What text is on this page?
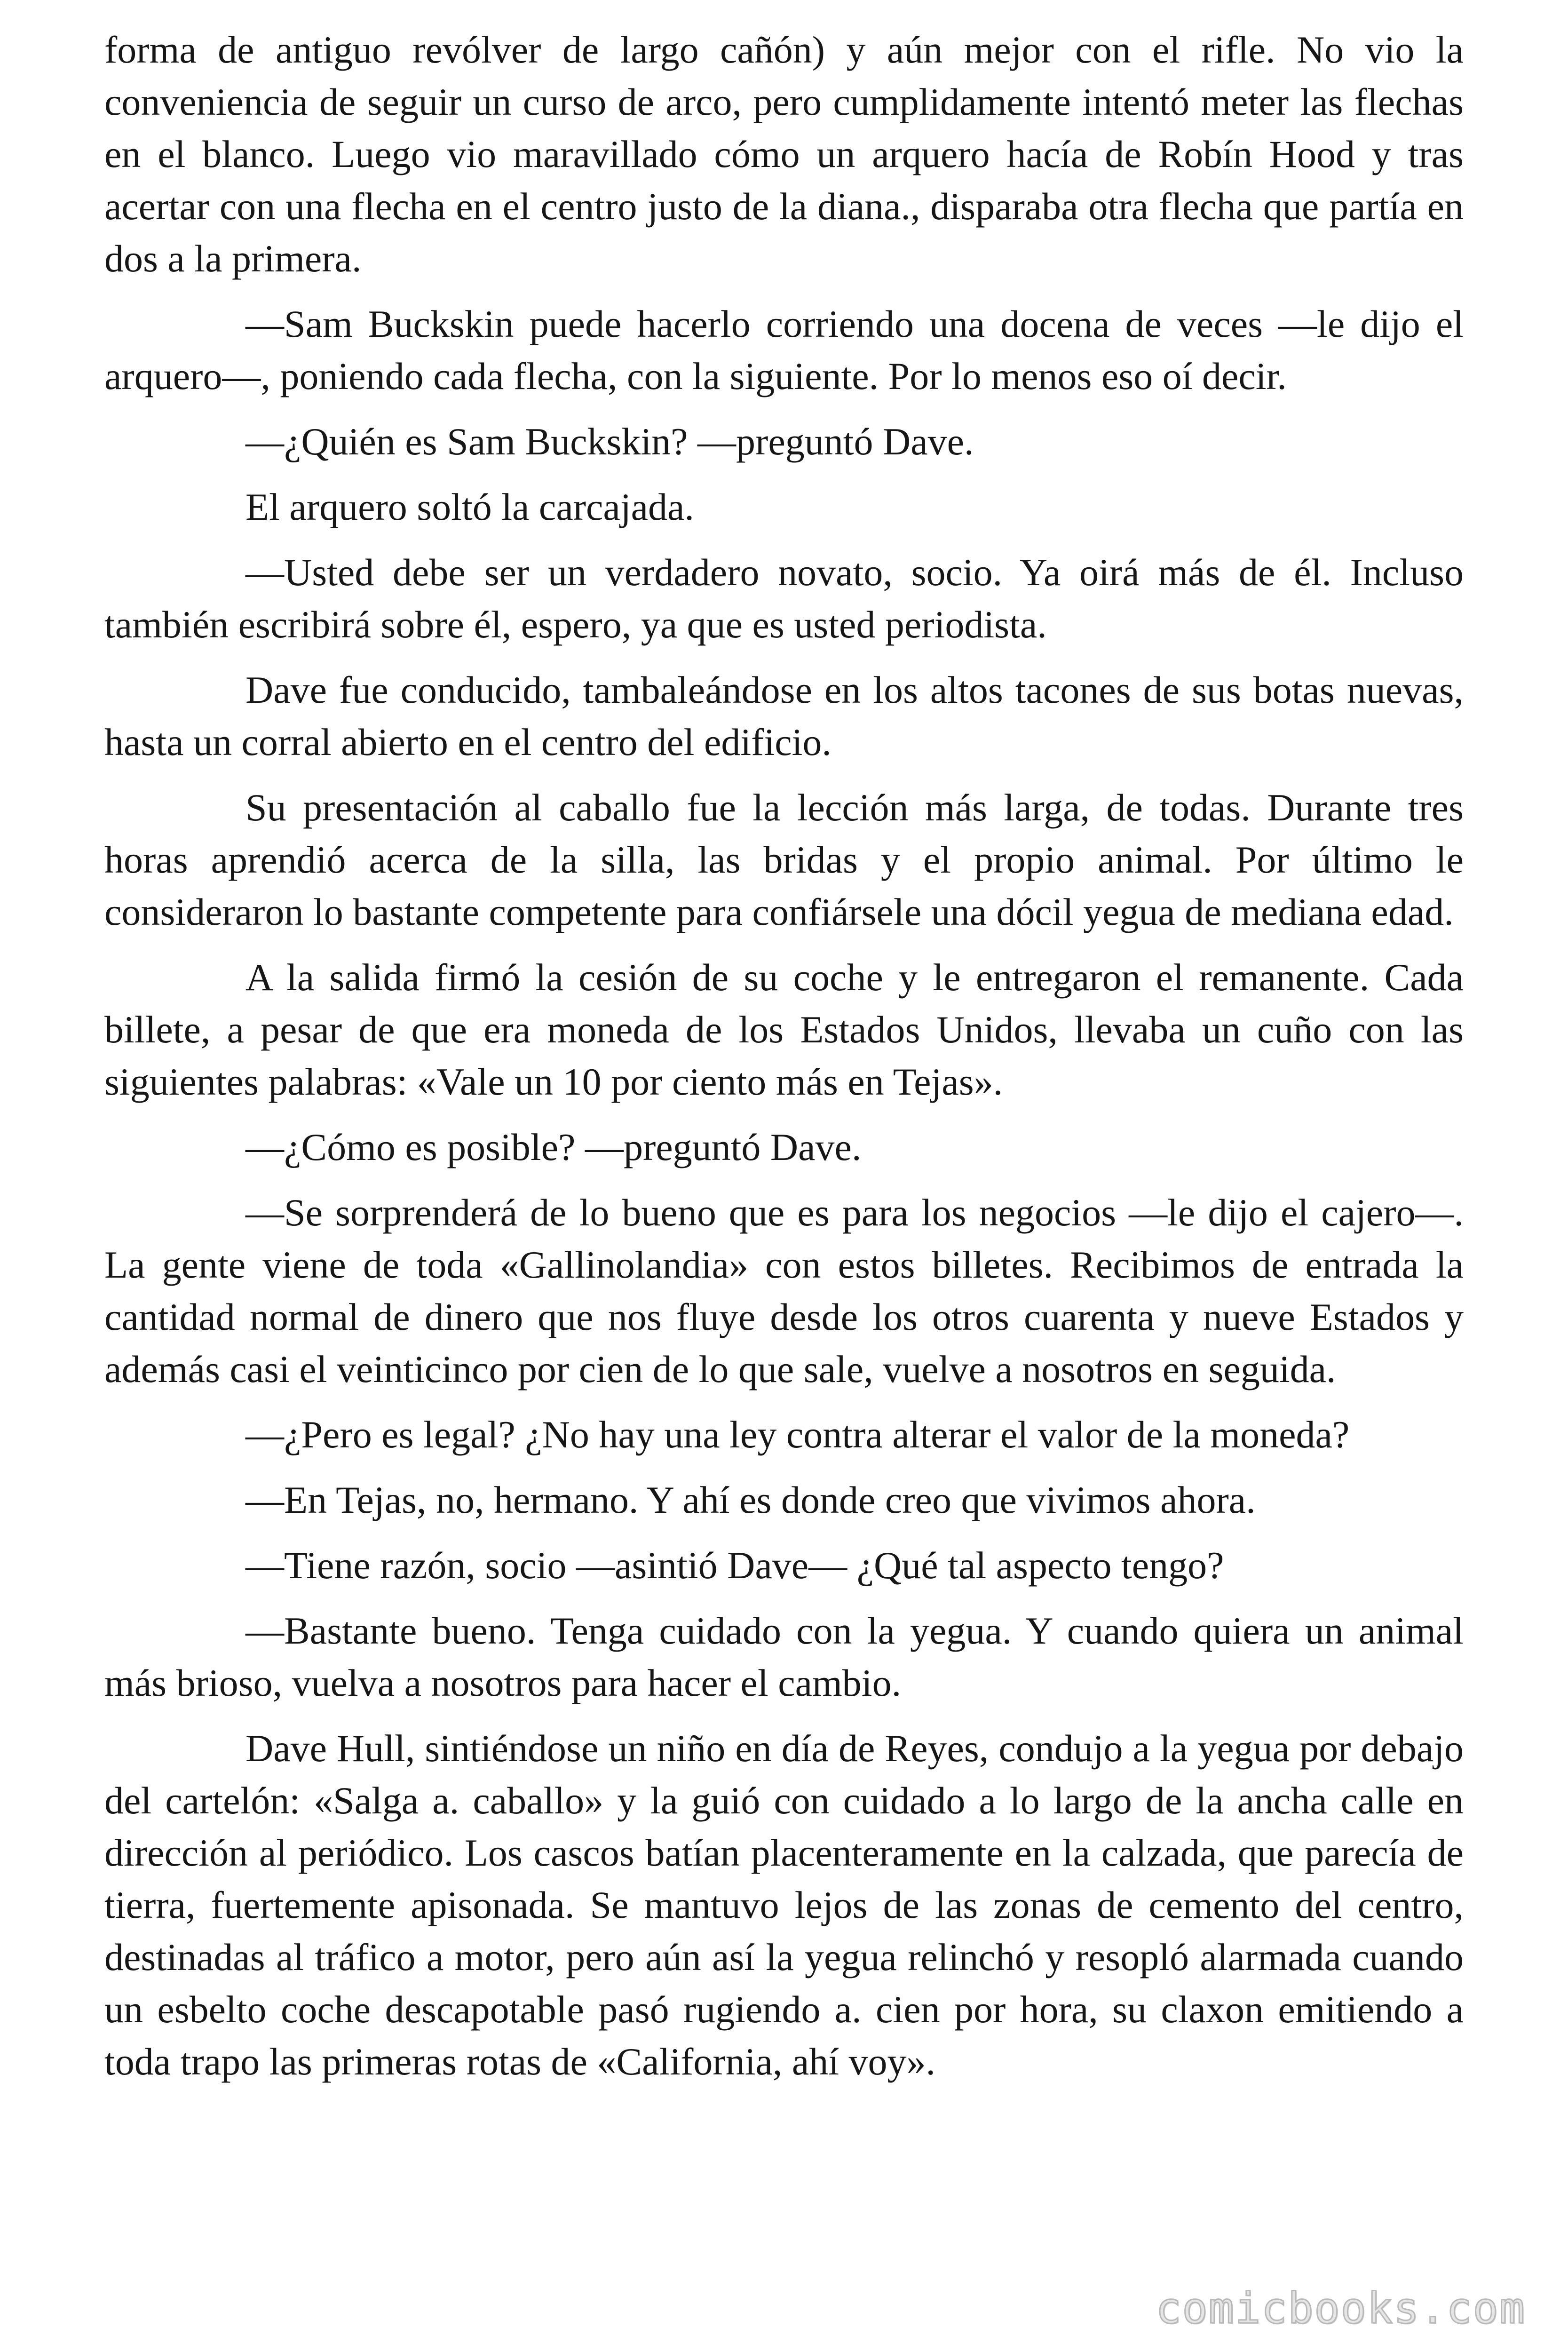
forma de antiguo revólver de largo cañón) y aún mejor con el rifle. No vio la conveniencia de seguir un curso de arco, pero cumplidamente intentó meter las flechas en el blanco. Luego vio maravillado cómo un arquero hacía de Robín Hood y tras acertar con una flecha en el centro justo de la diana., disparaba otra flecha que partía en dos a la primera.

—Sam Buckskin puede hacerlo corriendo una docena de veces —le dijo el arquero—, poniendo cada flecha, con la siguiente. Por lo menos eso oí decir.

—¿Quién es Sam Buckskin? —preguntó Dave.

El arquero soltó la carcajada.

—Usted debe ser un verdadero novato, socio. Ya oirá más de él. Incluso también escribirá sobre él, espero, ya que es usted periodista.

Dave fue conducido, tambaleándose en los altos tacones de sus botas nuevas, hasta un corral abierto en el centro del edificio.

Su presentación al caballo fue la lección más larga, de todas. Durante tres horas aprendió acerca de la silla, las bridas y el propio animal. Por último le consideraron lo bastante competente para confiársele una dócil yegua de mediana edad.

A la salida firmó la cesión de su coche y le entregaron el remanente. Cada billete, a pesar de que era moneda de los Estados Unidos, llevaba un cuño con las siguientes palabras: «Vale un 10 por ciento más en Tejas».

—¿Cómo es posible? —preguntó Dave.

—Se sorprenderá de lo bueno que es para los negocios —le dijo el cajero—. La gente viene de toda «Gallinolandia» con estos billetes. Recibimos de entrada la cantidad normal de dinero que nos fluye desde los otros cuarenta y nueve Estados y además casi el veinticinco por cien de lo que sale, vuelve a nosotros en seguida.

—¿Pero es legal? ¿No hay una ley contra alterar el valor de la moneda?

—En Tejas, no, hermano. Y ahí es donde creo que vivimos ahora.

—Tiene razón, socio —asintió Dave— ¿Qué tal aspecto tengo?

—Bastante bueno. Tenga cuidado con la yegua. Y cuando quiera un animal más brioso, vuelva a nosotros para hacer el cambio.

Dave Hull, sintiéndose un niño en día de Reyes, condujo a la yegua por debajo del cartelón: «Salga a. caballo» y la guió con cuidado a lo largo de la ancha calle en dirección al periódico. Los cascos batían placenteramente en la calzada, que parecía de tierra, fuertemente apisonada. Se mantuvo lejos de las zonas de cemento del centro, destinadas al tráfico a motor, pero aún así la yegua relinchó y resopló alarmada cuando un esbelto coche descapotable pasó rugiendo a. cien por hora, su claxon emitiendo a toda trapo las primeras rotas de «California, ahí voy».

comicbooks.com
